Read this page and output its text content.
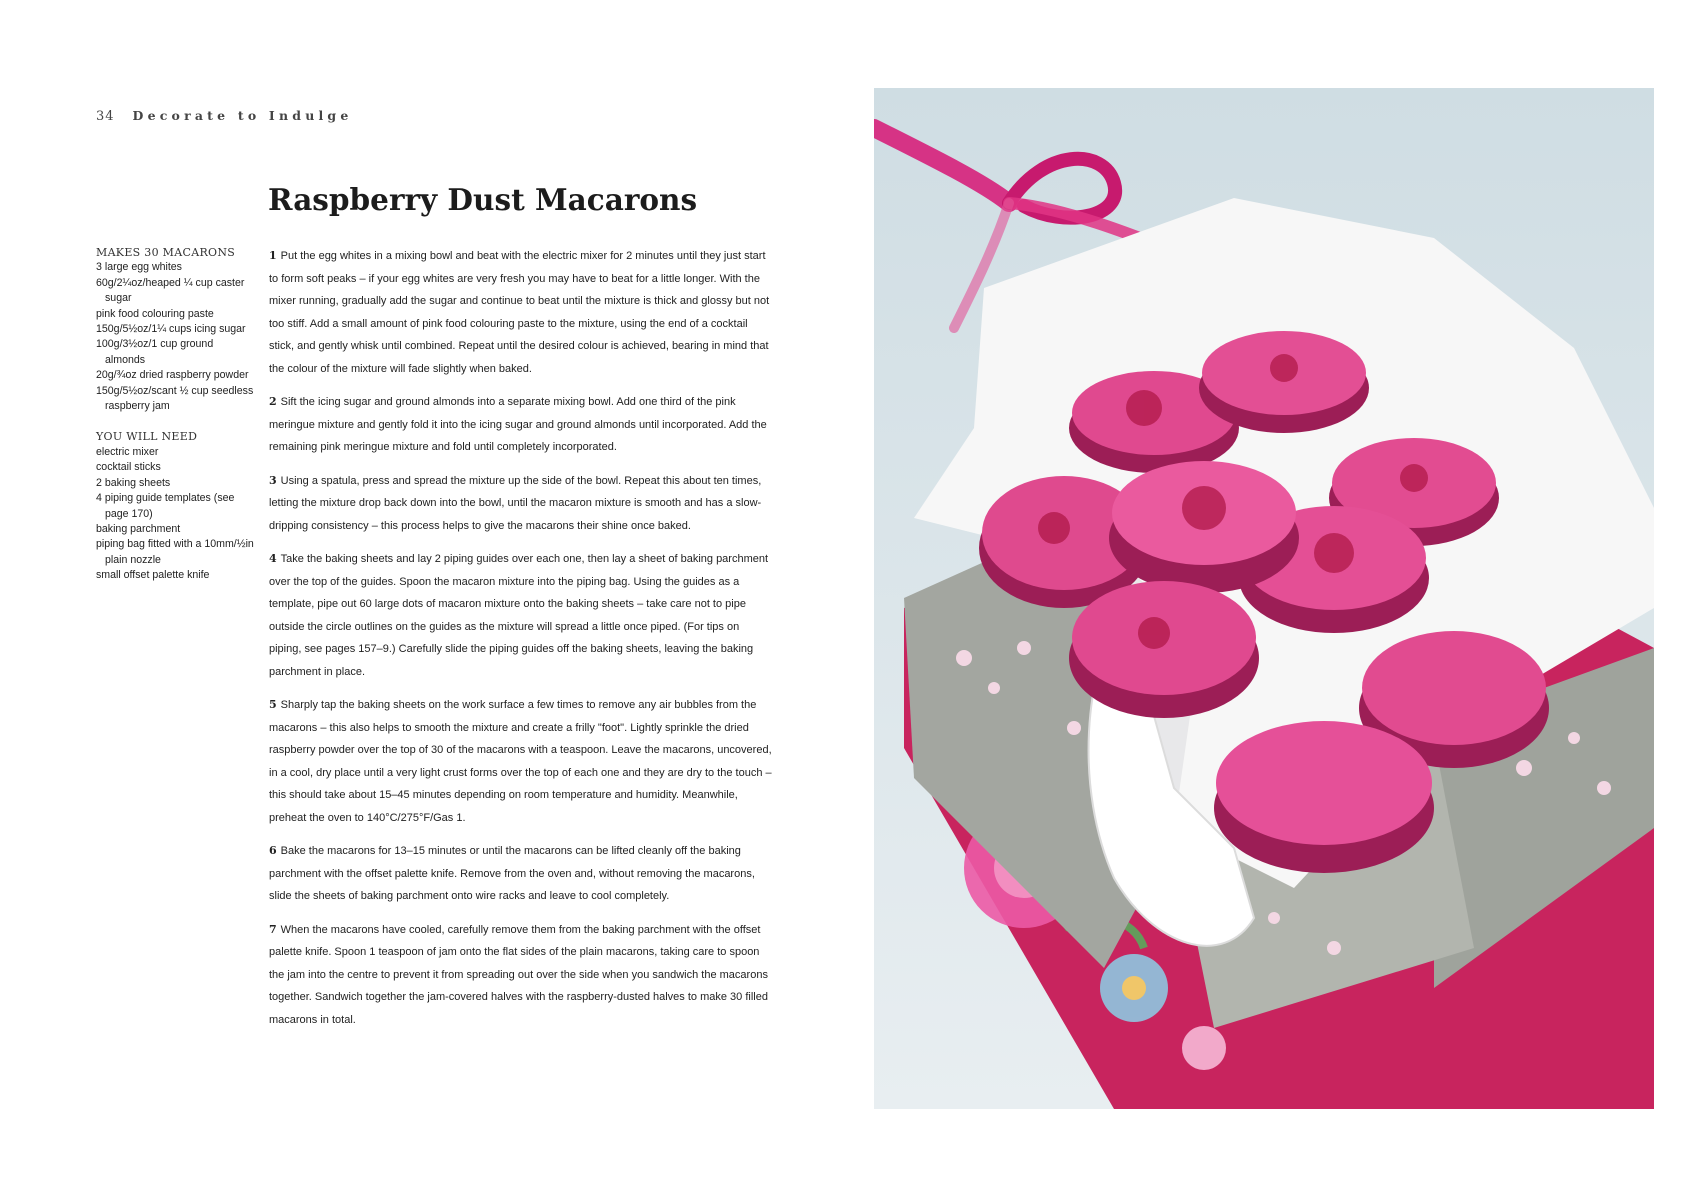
34 Decorate to Indulge
Raspberry Dust Macarons
MAKES 30 MACARONS
3 large egg whites
60g/2¼oz/heaped ¼ cup caster sugar
pink food colouring paste
150g/5½oz/1¼ cups icing sugar
100g/3½oz/1 cup ground almonds
20g/¾oz dried raspberry powder
150g/5½oz/scant ½ cup seedless raspberry jam
YOU WILL NEED
electric mixer
cocktail sticks
2 baking sheets
4 piping guide templates (see page 170)
baking parchment
piping bag fitted with a 10mm/½in plain nozzle
small offset palette knife

1 Put the egg whites in a mixing bowl and beat with the electric mixer for 2 minutes until they just start to form soft peaks – if your egg whites are very fresh you may have to beat for a little longer. With the mixer running, gradually add the sugar and continue to beat until the mixture is thick and glossy but not too stiff. Add a small amount of pink food colouring paste to the mixture, using the end of a cocktail stick, and gently whisk until combined. Repeat until the desired colour is achieved, bearing in mind that the colour of the mixture will fade slightly when baked.

2 Sift the icing sugar and ground almonds into a separate mixing bowl. Add one third of the pink meringue mixture and gently fold it into the icing sugar and ground almonds until incorporated. Add the remaining pink meringue mixture and fold until completely incorporated.

3 Using a spatula, press and spread the mixture up the side of the bowl. Repeat this about ten times, letting the mixture drop back down into the bowl, until the macaron mixture is smooth and has a slow-dripping consistency – this process helps to give the macarons their shine once baked.

4 Take the baking sheets and lay 2 piping guides over each one, then lay a sheet of baking parchment over the top of the guides. Spoon the macaron mixture into the piping bag. Using the guides as a template, pipe out 60 large dots of macaron mixture onto the baking sheets – take care not to pipe outside the circle outlines on the guides as the mixture will spread a little once piped. (For tips on piping, see pages 157–9.) Carefully slide the piping guides off the baking sheets, leaving the baking parchment in place.

5 Sharply tap the baking sheets on the work surface a few times to remove any air bubbles from the macarons – this also helps to smooth the mixture and create a frilly "foot". Lightly sprinkle the dried raspberry powder over the top of 30 of the macarons with a teaspoon. Leave the macarons, uncovered, in a cool, dry place until a very light crust forms over the top of each one and they are dry to the touch – this should take about 15–45 minutes depending on room temperature and humidity. Meanwhile, preheat the oven to 140°C/275°F/Gas 1.

6 Bake the macarons for 13–15 minutes or until the macarons can be lifted cleanly off the baking parchment with the offset palette knife. Remove from the oven and, without removing the macarons, slide the sheets of baking parchment onto wire racks and leave to cool completely.

7 When the macarons have cooled, carefully remove them from the baking parchment with the offset palette knife. Spoon 1 teaspoon of jam onto the flat sides of the plain macarons, taking care to spoon the jam into the centre to prevent it from spreading out over the side when you sandwich the macarons together. Sandwich together the jam-covered halves with the raspberry-dusted halves to make 30 filled macarons in total.
